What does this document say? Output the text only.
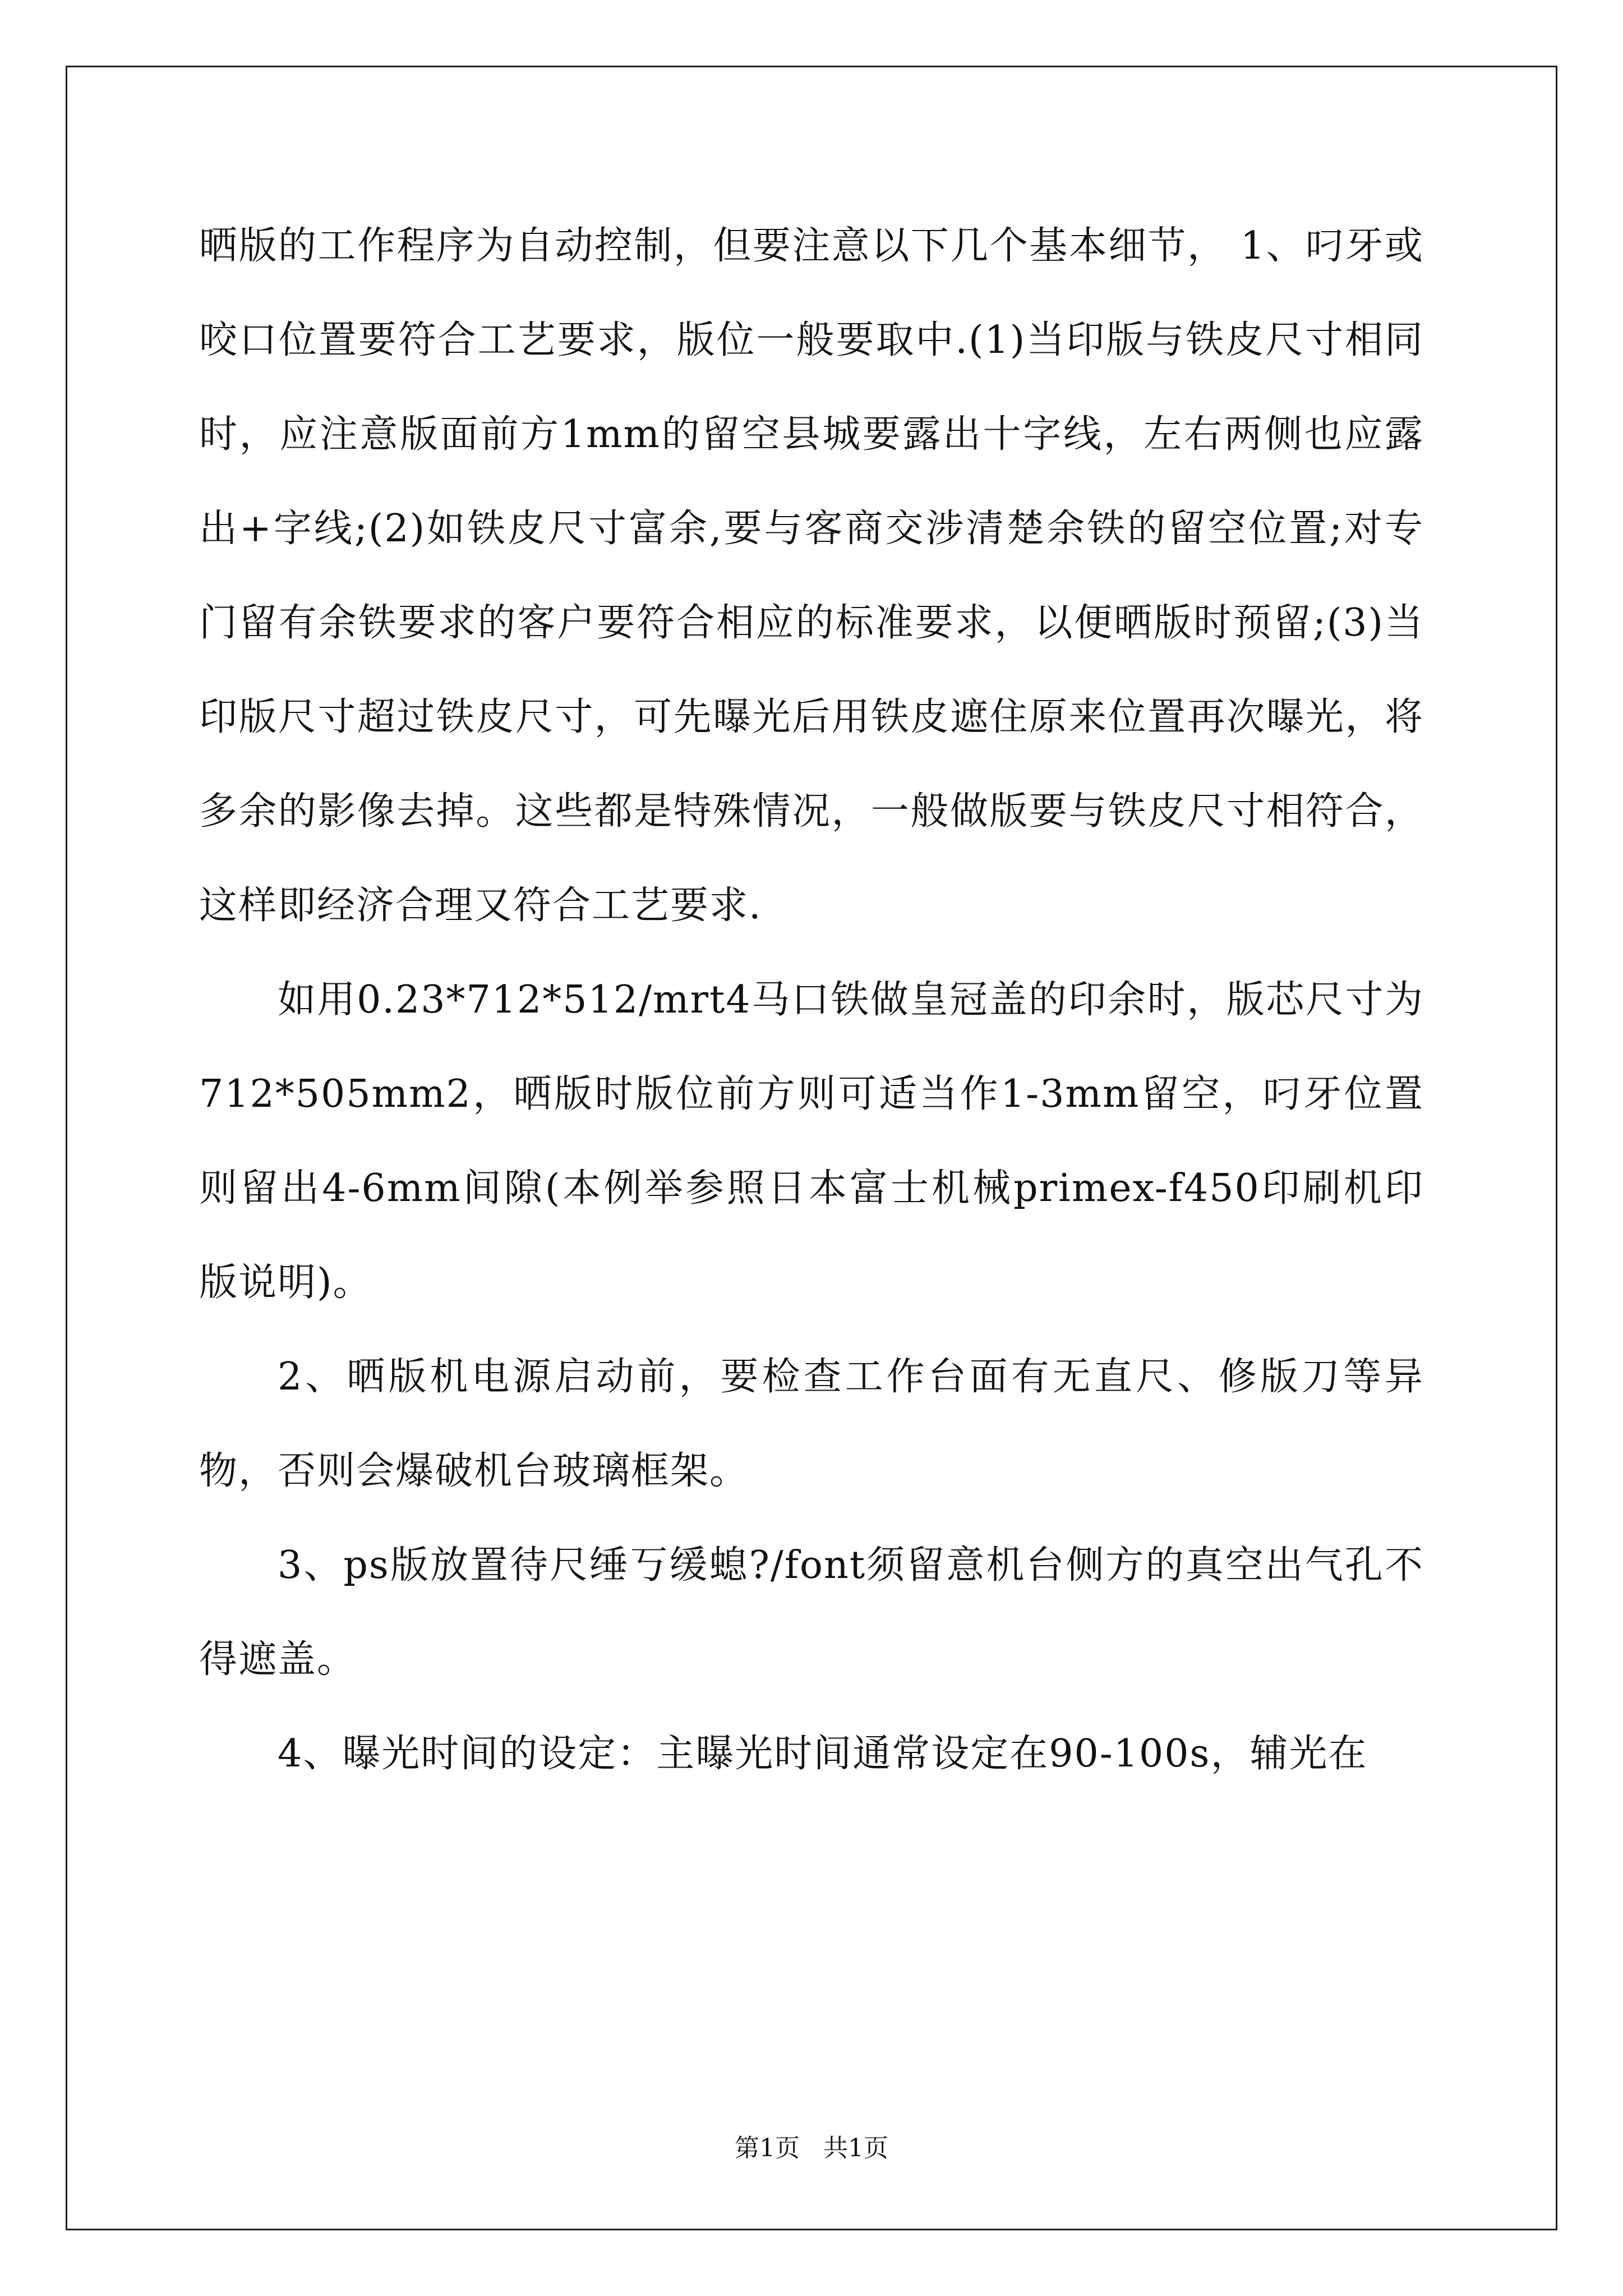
晒版的工作程序为自动控制，但要注意以下几个基本细节， 1、叼牙或咬口位置要符合工艺要求，版位一般要取中.(1)当印版与铁皮尺寸相同时，应注意版面前方1mm的留空县城要露出十字线，左右两侧也应露出+字线;(2)如铁皮尺寸富余,要与客商交涉清楚余铁的留空位置;对专门留有余铁要求的客户要符合相应的标准要求，以便晒版时预留;(3)当印版尺寸超过铁皮尺寸，可先曝光后用铁皮遮住原来位置再次曝光，将多余的影像去掉。这些都是特殊情况，一般做版要与铁皮尺寸相符合，这样即经济合理又符合工艺要求.

如用0.23*712*512/mrt4马口铁做皇冠盖的印余时，版芯尺寸为712*505mm2，晒版时版位前方则可适当作1-3mm留空，叼牙位置则留出4-6mm间隙(本例举参照日本富士机械primex-f450印刷机印版说明)。

2、晒版机电源启动前，要检查工作台面有无直尺、修版刀等异物，否则会爆破机台玻璃框架。

3、ps版放置待尺缍丂缓螅?/font须留意机台侧方的真空出气孔不得遮盖。

4、曝光时间的设定：主曝光时间通常设定在90-100s，辅光在

第1页 共1页
